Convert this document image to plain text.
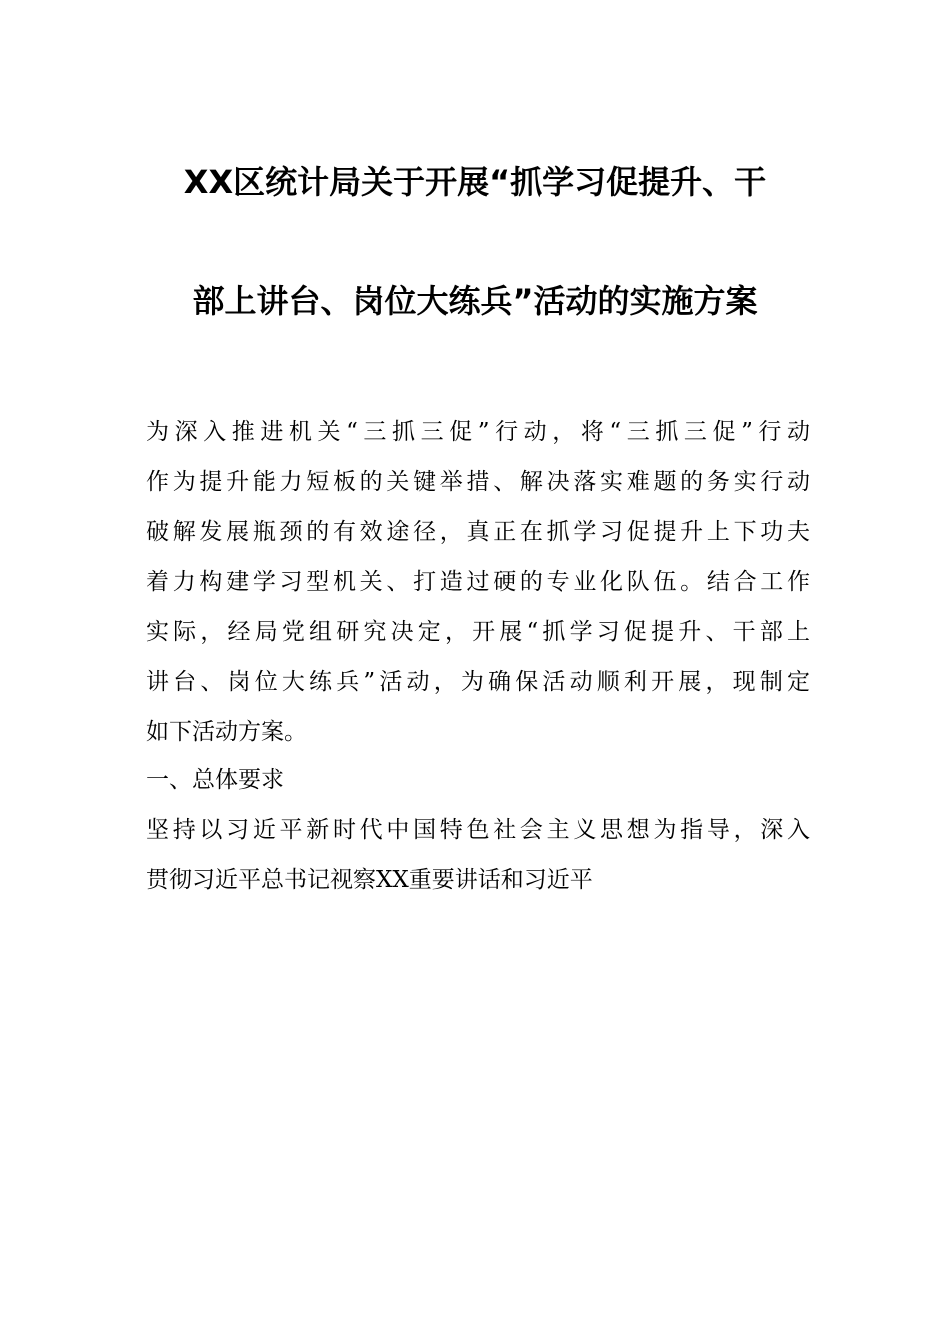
XX区统计局关于开展“抓学习促提升、干
部上讲台、岗位大练兵”活动的实施方案
为深入推进机关“三抓三促”行动，将“三抓三促”行动
作为提升能力短板的关键举措、解决落实难题的务实行动
破解发展瓶颈的有效途径，真正在抓学习促提升上下功夫
着力构建学习型机关、打造过硬的专业化队伍。结合工作
实际，经局党组研究决定，开展“抓学习促提升、干部上
讲台、岗位大练兵”活动，为确保活动顺利开展，现制定
如下活动方案。
一、总体要求
坚持以习近平新时代中国特色社会主义思想为指导，深入
贯彻习近平总书记视察XX重要讲话和习近平
